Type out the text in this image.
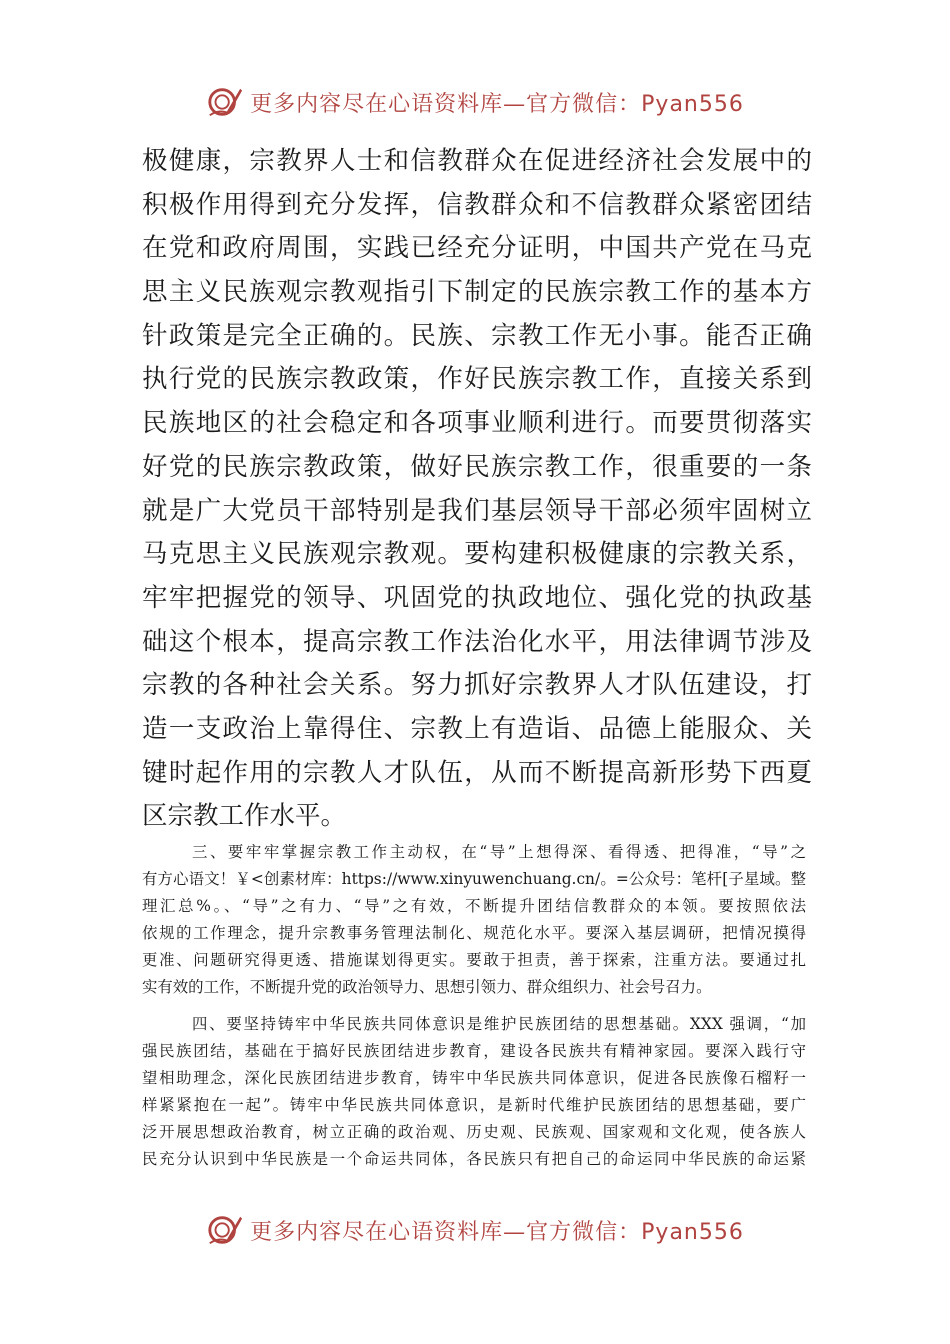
更多内容尽在心语资料库—官方微信：Pyan556
极健康，宗教界人士和信教群众在促进经济社会发展中的
积极作用得到充分发挥，信教群众和不信教群众紧密团结
在党和政府周围，实践已经充分证明，中国共产党在马克
思主义民族观宗教观指引下制定的民族宗教工作的基本方
针政策是完全正确的。民族、宗教工作无小事。能否正确
执行党的民族宗教政策，作好民族宗教工作，直接关系到
民族地区的社会稳定和各项事业顺利进行。而要贯彻落实
好党的民族宗教政策，做好民族宗教工作，很重要的一条
就是广大党员干部特别是我们基层领导干部必须牢固树立
马克思主义民族观宗教观。要构建积极健康的宗教关系，
牢牢把握党的领导、巩固党的执政地位、强化党的执政基
础这个根本，提高宗教工作法治化水平，用法律调节涉及
宗教的各种社会关系。努力抓好宗教界人才队伍建设，打
造一支政治上靠得住、宗教上有造诣、品德上能服众、关
键时起作用的宗教人才队伍，从而不断提高新形势下西夏
区宗教工作水平。
三、要牢牢掌握宗教工作主动权，在“导”上想得深、看得透、把得准，“导”之
有方心语文！￥<创素材库：https://www.xinyuwenchuang.cn/。=公众号：笔杆[子星域。整
理汇总%。、“导”之有力、“导”之有效，不断提升团结信教群众的本领。要按照依法
依规的工作理念，提升宗教事务管理法制化、规范化水平。要深入基层调研，把情况摸得
更准、问题研究得更透、措施谋划得更实。要敢于担责，善于探索，注重方法。要通过扎
实有效的工作，不断提升党的政治领导力、思想引领力、群众组织力、社会号召力。
四、要坚持铸牢中华民族共同体意识是维护民族团结的思想基础。XXX 强调，“加
强民族团结，基础在于搞好民族团结进步教育，建设各民族共有精神家园。要深入践行守
望相助理念，深化民族团结进步教育，铸牢中华民族共同体意识，促进各民族像石榴籽一
样紧紧抱在一起”。铸牢中华民族共同体意识，是新时代维护民族团结的思想基础，要广
泛开展思想政治教育，树立正确的政治观、历史观、民族观、国家观和文化观，使各族人
民充分认识到中华民族是一个命运共同体，各民族只有把自己的命运同中华民族的命运紧
更多内容尽在心语资料库—官方微信：Pyan556
